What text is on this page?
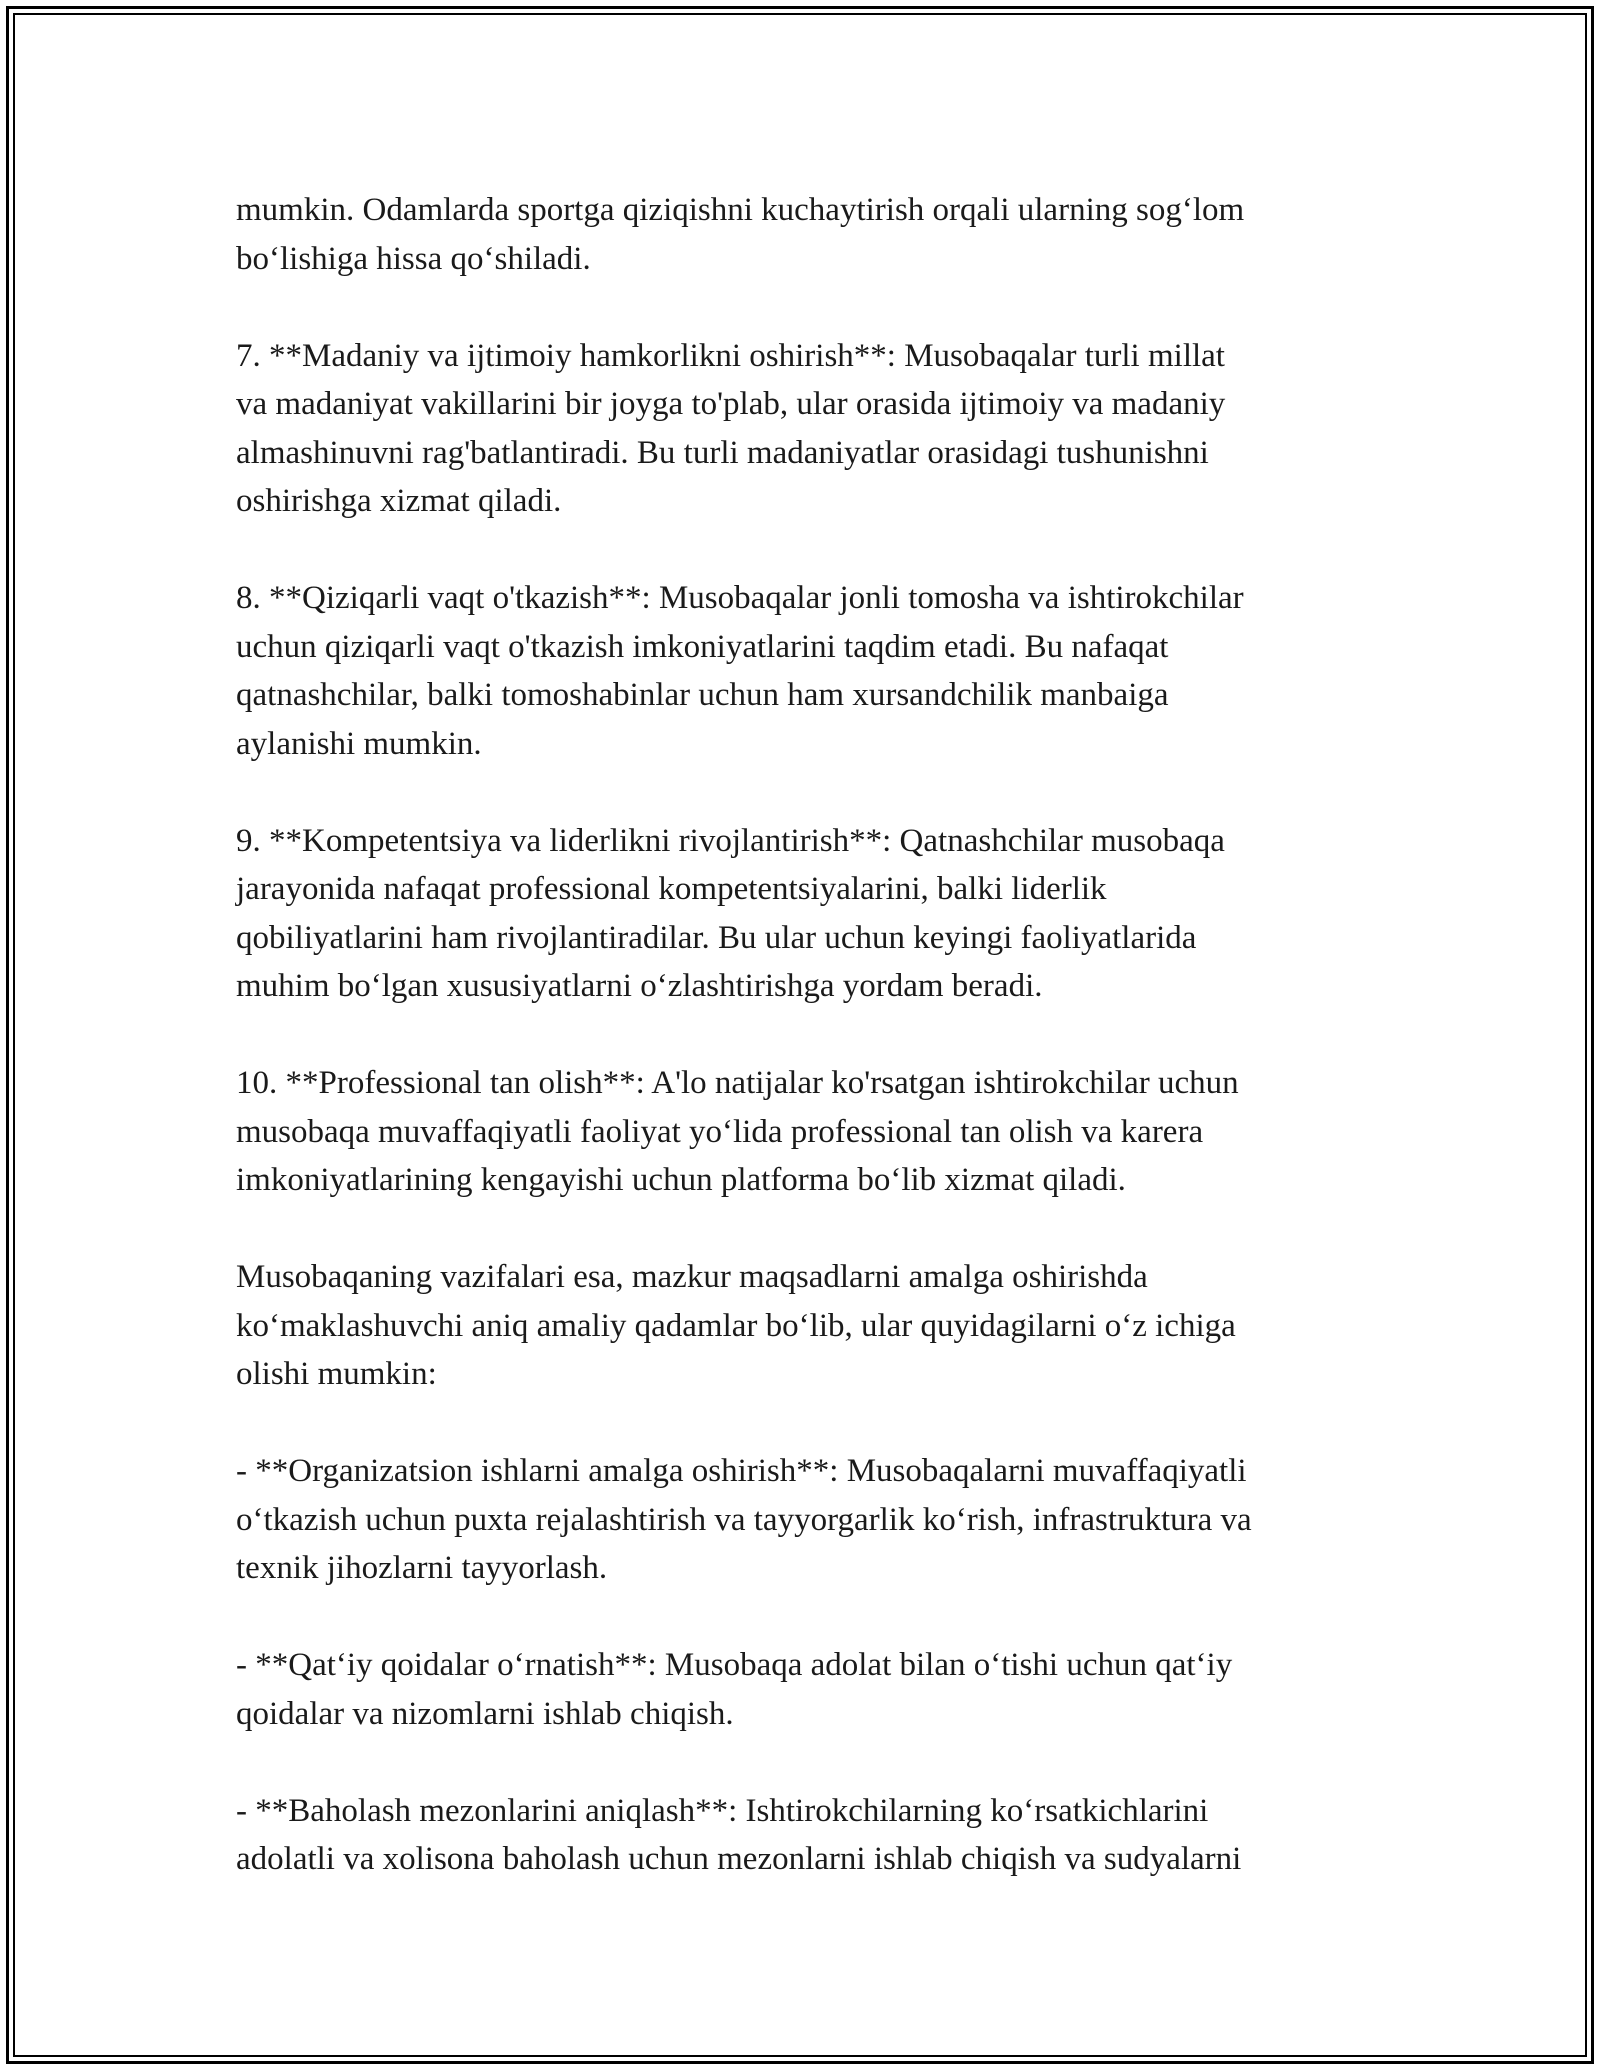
mumkin. Odamlarda sportga qiziqishni kuchaytirish orqali ularning sog‘lom
bo‘lishiga hissa qo‘shiladi.

7. **Madaniy va ijtimoiy hamkorlikni oshirish**: Musobaqalar turli millat
va madaniyat vakillarini bir joyga to'plab, ular orasida ijtimoiy va madaniy
almashinuvni rag'batlantiradi. Bu turli madaniyatlar orasidagi tushunishni
oshirishga xizmat qiladi.

8. **Qiziqarli vaqt o'tkazish**: Musobaqalar jonli tomosha va ishtirokchilar
uchun qiziqarli vaqt o'tkazish imkoniyatlarini taqdim etadi. Bu nafaqat
qatnashchilar, balki tomoshabinlar uchun ham xursandchilik manbaiga
aylanishi mumkin.

9. **Kompetentsiya va liderlikni rivojlantirish**: Qatnashchilar musobaqa
jarayonida nafaqat professional kompetentsiyalarini, balki liderlik
qobiliyatlarini ham rivojlantiradilar. Bu ular uchun keyingi faoliyatlarida
muhim bo‘lgan xususiyatlarni o‘zlashtirishga yordam beradi.

10. **Professional tan olish**: A'lo natijalar ko'rsatgan ishtirokchilar uchun
musobaqa muvaffaqiyatli faoliyat yo‘lida professional tan olish va karera
imkoniyatlarining kengayishi uchun platforma bo‘lib xizmat qiladi.

Musobaqaning vazifalari esa, mazkur maqsadlarni amalga oshirishda
ko‘maklashuvchi aniq amaliy qadamlar bo‘lib, ular quyidagilarni o‘z ichiga
olishi mumkin:

- **Organizatsion ishlarni amalga oshirish**: Musobaqalarni muvaffaqiyatli
o‘tkazish uchun puxta rejalashtirish va tayyorgarlik ko‘rish, infrastruktura va
texnik jihozlarni tayyorlash.

- **Qat‘iy qoidalar o‘rnatish**: Musobaqa adolat bilan o‘tishi uchun qat‘iy
qoidalar va nizomlarni ishlab chiqish.

- **Baholash mezonlarini aniqlash**: Ishtirokchilarning ko‘rsatkichlarini
adolatli va xolisona baholash uchun mezonlarni ishlab chiqish va sudyalarni
